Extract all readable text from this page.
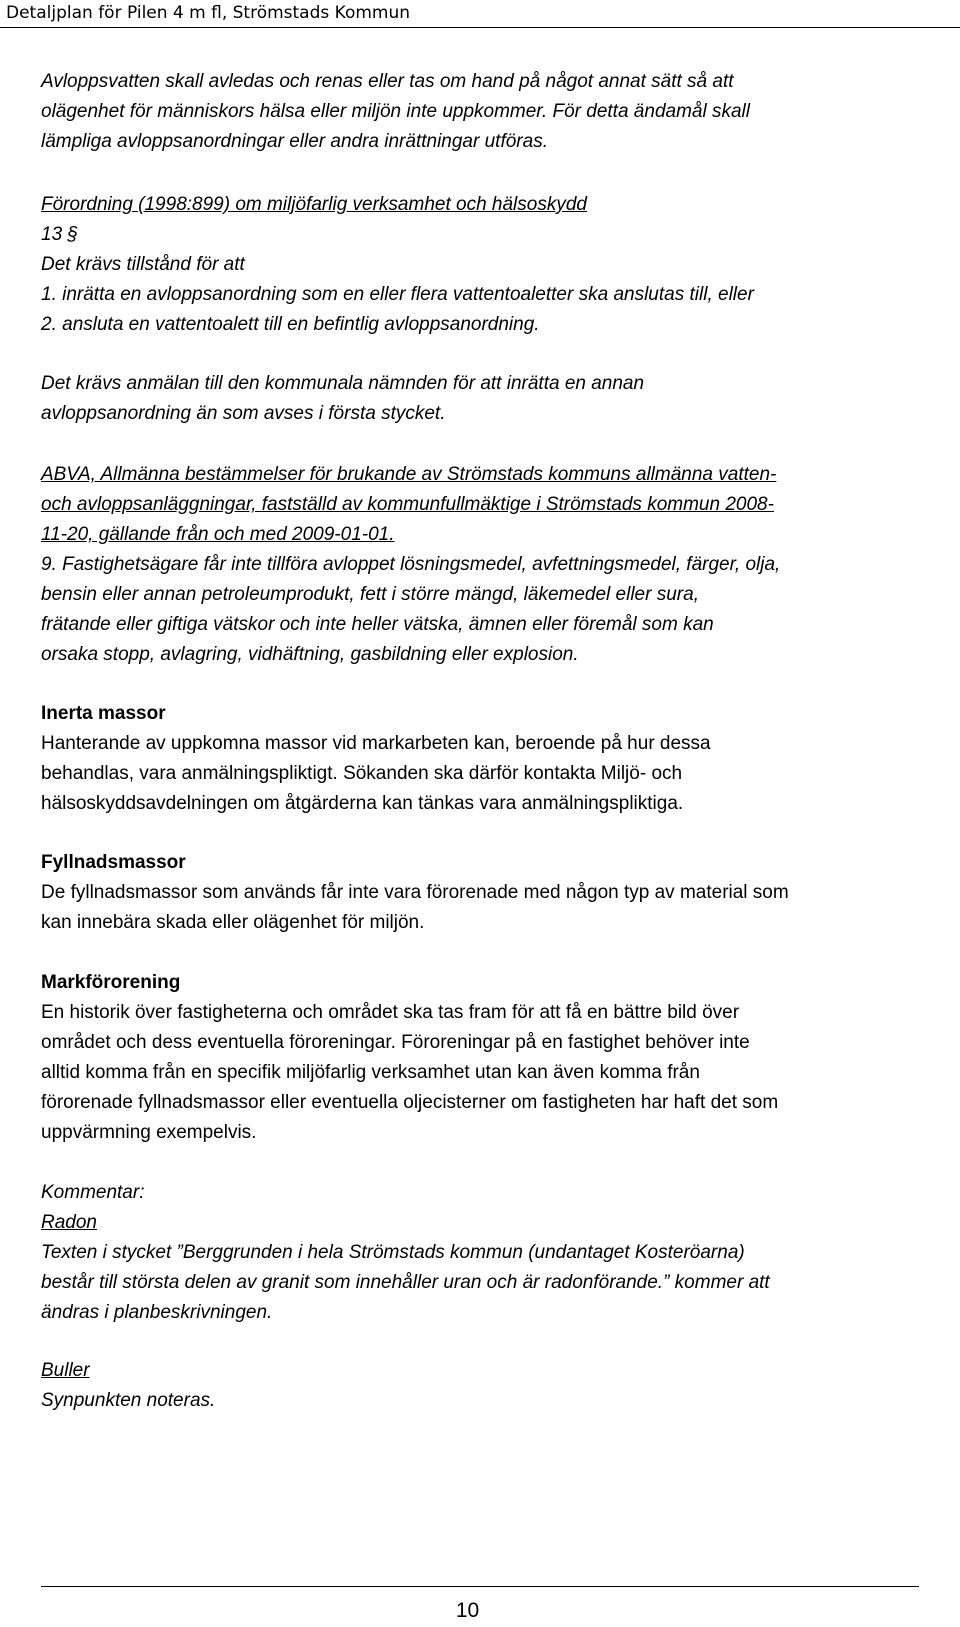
Detaljplan för Pilen 4 m fl, Strömstads Kommun
Avloppsvatten skall avledas och renas eller tas om hand på något annat sätt så att
olägenhet för människors hälsa eller miljön inte uppkommer. För detta ändamål skall
lämpliga avloppsanordningar eller andra inrättningar utföras.
Förordning (1998:899) om miljöfarlig verksamhet och hälsoskydd
13 §
Det krävs tillstånd för att
1. inrätta en avloppsanordning som en eller flera vattentoaletter ska anslutas till, eller
2. ansluta en vattentoalett till en befintlig avloppsanordning.
Det krävs anmälan till den kommunala nämnden för att inrätta en annan
avloppsanordning än som avses i första stycket.
ABVA, Allmänna bestämmelser för brukande av Strömstads kommuns allmänna vatten-
och avloppsanläggningar, fastställd av kommunfullmäktige i Strömstads kommun 2008-
11-20, gällande från och med 2009-01-01.
9. Fastighetsägare får inte tillföra avloppet lösningsmedel, avfettningsmedel, färger, olja,
bensin eller annan petroleumprodukt, fett i större mängd, läkemedel eller sura,
frätande eller giftiga vätskor och inte heller vätska, ämnen eller föremål som kan
orsaka stopp, avlagring, vidhäftning, gasbildning eller explosion.
Inerta massor
Hanterande av uppkomna massor vid markarbeten kan, beroende på hur dessa
behandlas, vara anmälningspliktigt. Sökanden ska därför kontakta Miljö- och
hälsoskyddsavdelningen om åtgärderna kan tänkas vara anmälningspliktiga.
Fyllnadsmassor
De fyllnadsmassor som används får inte vara förorenade med någon typ av material som
kan innebära skada eller olägenhet för miljön.
Markförorening
En historik över fastigheterna och området ska tas fram för att få en bättre bild över
området och dess eventuella föroreningar. Föroreningar på en fastighet behöver inte
alltid komma från en specifik miljöfarlig verksamhet utan kan även komma från
förorenade fyllnadsmassor eller eventuella oljecisterner om fastigheten har haft det som
uppvärmning exempelvis.
Kommentar:
Radon
Texten i stycket ”Berggrunden i hela Strömstads kommun (undantaget Kosteröarna)
består till största delen av granit som innehåller uran och är radonförande.” kommer att
ändras i planbeskrivningen.
Buller
Synpunkten noteras.
10
